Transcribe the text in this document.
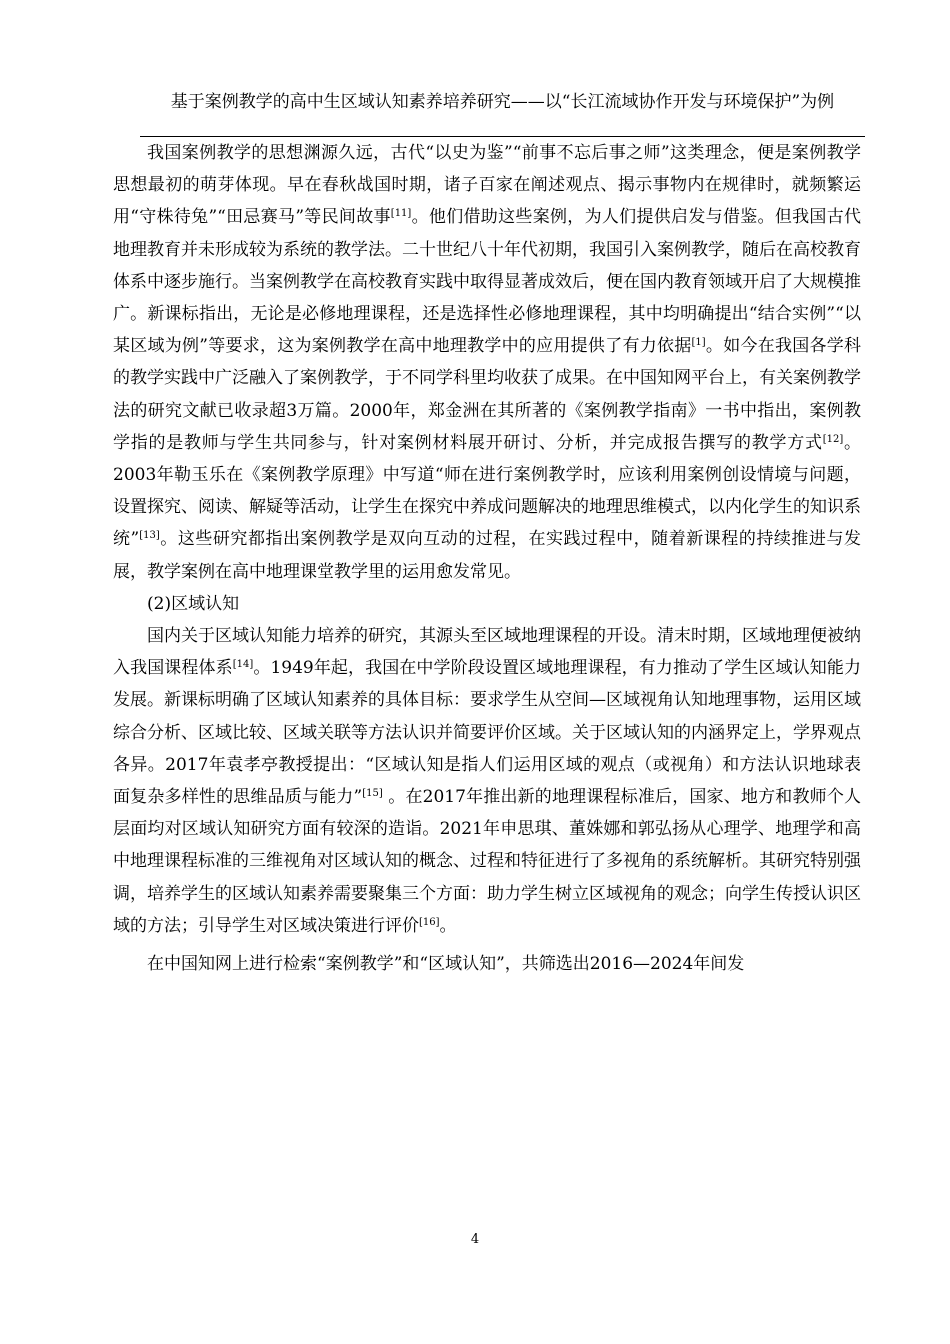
基于案例教学的高中生区域认知素养培养研究——以“长江流域协作开发与环境保护”为例

我国案例教学的思想渊源久远，古代“以史为鉴”“前事不忘后事之师”这类理念，便是案例教学思想最初的萌芽体现。早在春秋战国时期，诸子百家在阐述观点、揭示事物内在规律时，就频繁运用“守株待兔”“田忌赛马”等民间故事[11]。他们借助这些案例，为人们提供启发与借鉴。但我国古代地理教育并未形成较为系统的教学法。二十世纪八十年代初期，我国引入案例教学，随后在高校教育体系中逐步施行。当案例教学在高校教育实践中取得显著成效后，便在国内教育领域开启了大规模推广。新课标指出，无论是必修地理课程，还是选择性必修地理课程，其中均明确提出“结合实例”“以某区域为例”等要求，这为案例教学在高中地理教学中的应用提供了有力依据[1]。如今在我国各学科的教学实践中广泛融入了案例教学，于不同学科里均收获了成果。在中国知网平台上，有关案例教学法的研究文献已收录超3万篇。2000年，郑金洲在其所著的《案例教学指南》一书中指出，案例教学指的是教师与学生共同参与，针对案例材料展开研讨、分析，并完成报告撰写的教学方式[12]。2003年勒玉乐在《案例教学原理》中写道“师在进行案例教学时，应该利用案例创设情境与问题，设置探究、阅读、解疑等活动，让学生在探究中养成问题解决的地理思维模式，以内化学生的知识系统”[13]。这些研究都指出案例教学是双向互动的过程，在实践过程中，随着新课程的持续推进与发展，教学案例在高中地理课堂教学里的运用愈发常见。

(2)区域认知

国内关于区域认知能力培养的研究，其源头至区域地理课程的开设。清末时期，区域地理便被纳入我国课程体系[14]。1949年起，我国在中学阶段设置区域地理课程，有力推动了学生区域认知能力发展。新课标明确了区域认知素养的具体目标：要求学生从空间—区域视角认知地理事物，运用区域综合分析、区域比较、区域关联等方法认识并简要评价区域。关于区域认知的内涵界定上，学界观点各异。2017年袁孝亭教授提出：“区域认知是指人们运用区域的观点（或视角）和方法认识地球表面复杂多样性的思维品质与能力”[15] 。在2017年推出新的地理课程标准后，国家、地方和教师个人层面均对区域认知研究方面有较深的造诣。2021年申思琪、董姝娜和郭弘扬从心理学、地理学和高中地理课程标准的三维视角对区域认知的概念、过程和特征进行了多视角的系统解析。其研究特别强调，培养学生的区域认知素养需要聚集三个方面：助力学生树立区域视角的观念；向学生传授认识区域的方法；引导学生对区域决策进行评价[16]。

在中国知网上进行检索“案例教学”和“区域认知”，共筛选出2016—2024年间发

4
